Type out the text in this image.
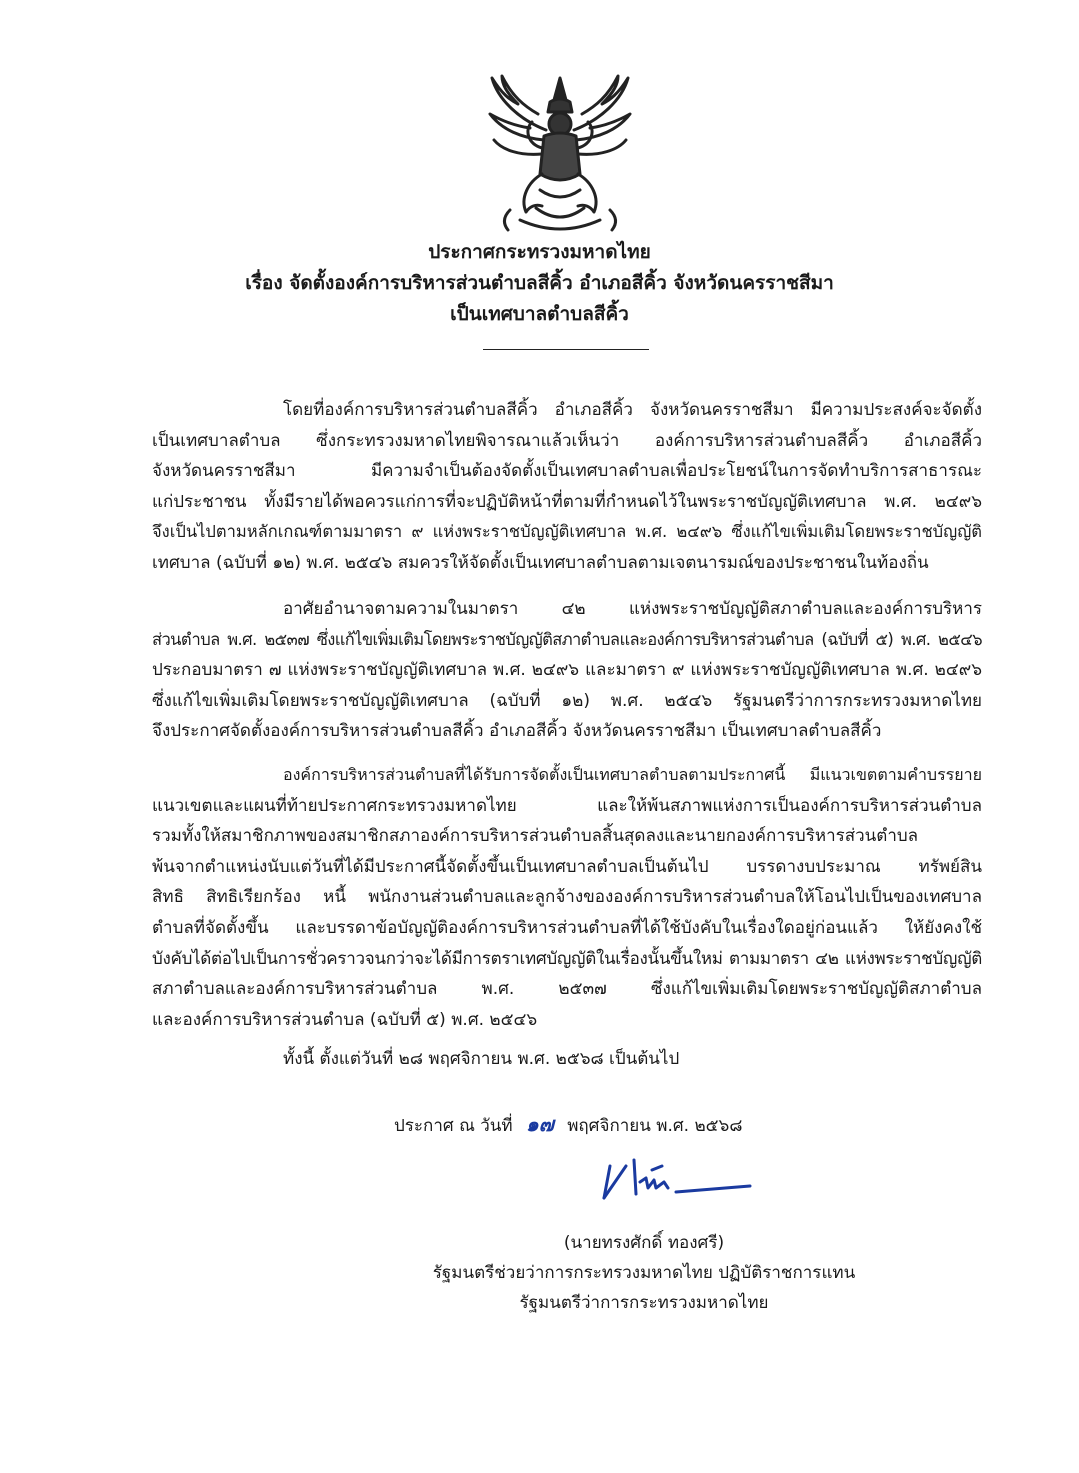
ประกาศกระทรวงมหาดไทย
เรื่อง จัดตั้งองค์การบริหารส่วนตำบลสีคิ้ว อำเภอสีคิ้ว จังหวัดนครราชสีมา
เป็นเทศบาลตำบลสีคิ้ว
โดยที่องค์การบริหารส่วนตำบลสีคิ้ว อำเภอสีคิ้ว จังหวัดนครราชสีมา มีความประสงค์จะจัดตั้ง
เป็นเทศบาลตำบล ซึ่งกระทรวงมหาดไทยพิจารณาแล้วเห็นว่า องค์การบริหารส่วนตำบลสีคิ้ว อำเภอสีคิ้ว
จังหวัดนครราชสีมา มีความจำเป็นต้องจัดตั้งเป็นเทศบาลตำบลเพื่อประโยชน์ในการจัดทำบริการสาธารณะ
แก่ประชาชน ทั้งมีรายได้พอควรแก่การที่จะปฏิบัติหน้าที่ตามที่กำหนดไว้ในพระราชบัญญัติเทศบาล พ.ศ. ๒๔๙๖
จึงเป็นไปตามหลักเกณฑ์ตามมาตรา ๙ แห่งพระราชบัญญัติเทศบาล พ.ศ. ๒๔๙๖ ซึ่งแก้ไขเพิ่มเติมโดยพระราชบัญญัติ
เทศบาล (ฉบับที่ ๑๒) พ.ศ. ๒๕๔๖ สมควรให้จัดตั้งเป็นเทศบาลตำบลตามเจตนารมณ์ของประชาชนในท้องถิ่น
อาศัยอำนาจตามความในมาตรา ๔๒ แห่งพระราชบัญญัติสภาตำบลและองค์การบริหาร
ส่วนตำบล พ.ศ. ๒๕๓๗ ซึ่งแก้ไขเพิ่มเติมโดยพระราชบัญญัติสภาตำบลและองค์การบริหารส่วนตำบล (ฉบับที่ ๕) พ.ศ. ๒๕๔๖
ประกอบมาตรา ๗ แห่งพระราชบัญญัติเทศบาล พ.ศ. ๒๔๙๖ และมาตรา ๙ แห่งพระราชบัญญัติเทศบาล พ.ศ. ๒๔๙๖
ซึ่งแก้ไขเพิ่มเติมโดยพระราชบัญญัติเทศบาล (ฉบับที่ ๑๒) พ.ศ. ๒๕๔๖ รัฐมนตรีว่าการกระทรวงมหาดไทย
จึงประกาศจัดตั้งองค์การบริหารส่วนตำบลสีคิ้ว อำเภอสีคิ้ว จังหวัดนครราชสีมา เป็นเทศบาลตำบลสีคิ้ว
องค์การบริหารส่วนตำบลที่ได้รับการจัดตั้งเป็นเทศบาลตำบลตามประกาศนี้ มีแนวเขตตามคำบรรยาย
แนวเขตและแผนที่ท้ายประกาศกระทรวงมหาดไทย และให้พ้นสภาพแห่งการเป็นองค์การบริหารส่วนตำบล
รวมทั้งให้สมาชิกภาพของสมาชิกสภาองค์การบริหารส่วนตำบลสิ้นสุดลงและนายกองค์การบริหารส่วนตำบล
พ้นจากตำแหน่งนับแต่วันที่ได้มีประกาศนี้จัดตั้งขึ้นเป็นเทศบาลตำบลเป็นต้นไป บรรดางบประมาณ ทรัพย์สิน
สิทธิ สิทธิเรียกร้อง หนี้ พนักงานส่วนตำบลและลูกจ้างขององค์การบริหารส่วนตำบลให้โอนไปเป็นของเทศบาล
ตำบลที่จัดตั้งขึ้น และบรรดาข้อบัญญัติองค์การบริหารส่วนตำบลที่ได้ใช้บังคับในเรื่องใดอยู่ก่อนแล้ว ให้ยังคงใช้
บังคับได้ต่อไปเป็นการชั่วคราวจนกว่าจะได้มีการตราเทศบัญญัติในเรื่องนั้นขึ้นใหม่ ตามมาตรา ๔๒ แห่งพระราชบัญญัติ
สภาตำบลและองค์การบริหารส่วนตำบล พ.ศ. ๒๕๓๗ ซึ่งแก้ไขเพิ่มเติมโดยพระราชบัญญัติสภาตำบล
และองค์การบริหารส่วนตำบล (ฉบับที่ ๕) พ.ศ. ๒๕๔๖
ทั้งนี้ ตั้งแต่วันที่ ๒๘ พฤศจิกายน พ.ศ. ๒๕๖๘ เป็นต้นไป
ประกาศ ณ วันที่ ๑๗ พฤศจิกายน พ.ศ. ๒๕๖๘
(นายทรงศักดิ์ ทองศรี)
รัฐมนตรีช่วยว่าการกระทรวงมหาดไทย ปฏิบัติราชการแทน
รัฐมนตรีว่าการกระทรวงมหาดไทย
